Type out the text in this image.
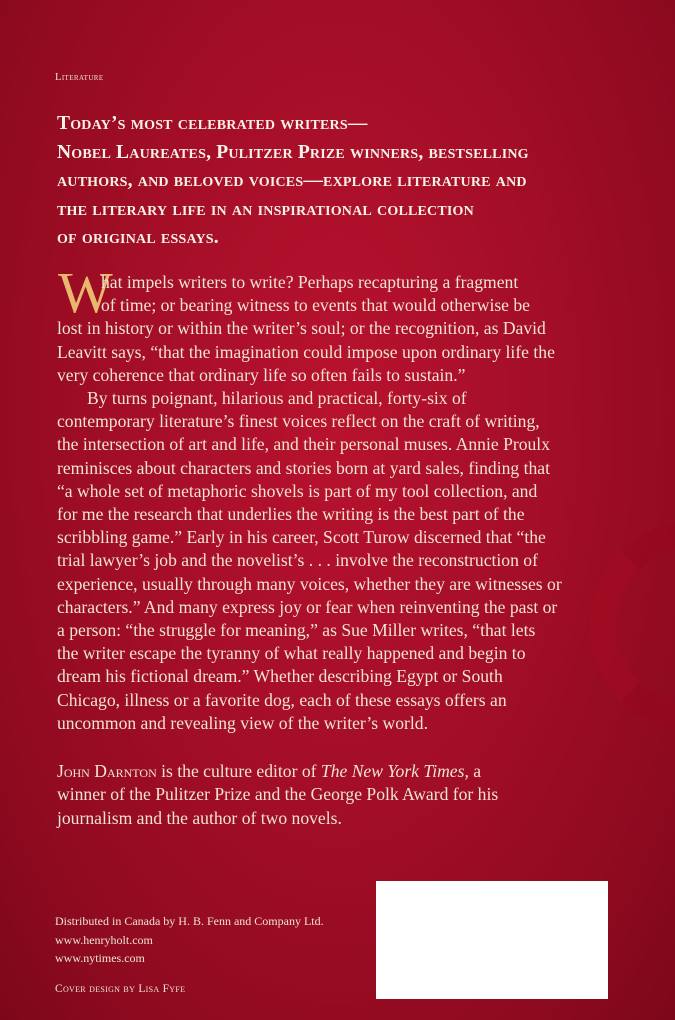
Literature
Today’s most celebrated writers—
Nobel Laureates, Pulitzer Prize winners, bestselling
authors, and beloved voices—explore literature and
the literary life in an inspirational collection
of original essays.
W
hat impels writers to write? Perhaps recapturing a fragment
of time; or bearing witness to events that would otherwise be
lost in history or within the writer’s soul; or the recognition, as David
Leavitt says, “that the imagination could impose upon ordinary life the
very coherence that ordinary life so often fails to sustain.”
By turns poignant, hilarious and practical, forty-six of
contemporary literature’s finest voices reflect on the craft of writing,
the intersection of art and life, and their personal muses. Annie Proulx
reminisces about characters and stories born at yard sales, finding that
“a whole set of metaphoric shovels is part of my tool collection, and
for me the research that underlies the writing is the best part of the
scribbling game.” Early in his career, Scott Turow discerned that “the
trial lawyer’s job and the novelist’s . . . involve the reconstruction of
experience, usually through many voices, whether they are witnesses or
characters.” And many express joy or fear when reinventing the past or
a person: “the struggle for meaning,” as Sue Miller writes, “that lets
the writer escape the tyranny of what really happened and begin to
dream his fictional dream.” Whether describing Egypt or South
Chicago, illness or a favorite dog, each of these essays offers an
uncommon and revealing view of the writer’s world.
John Darnton is the culture editor of The New York Times, a
winner of the Pulitzer Prize and the George Polk Award for his
journalism and the author of two novels.
Distributed in Canada by H. B. Fenn and Company Ltd.
www.henryholt.com
www.nytimes.com
Cover design by Lisa Fyfe
